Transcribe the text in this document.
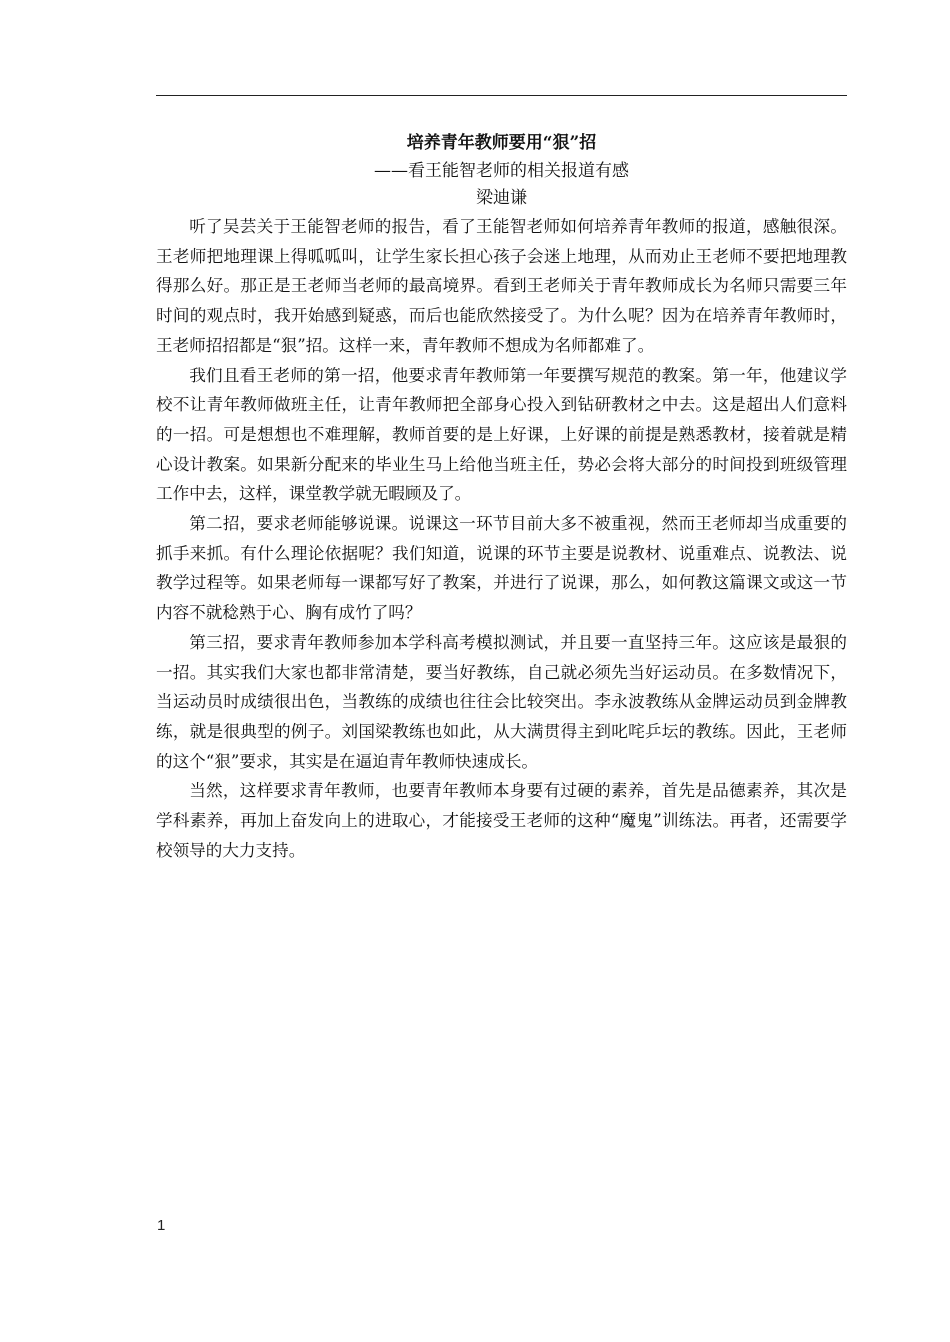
培养青年教师要用“狠”招

——看王能智老师的相关报道有感

梁迪谦

听了吴芸关于王能智老师的报告，看了王能智老师如何培养青年教师的报道，感触很深。王老师把地理课上得呱呱叫，让学生家长担心孩子会迷上地理，从而劝止王老师不要把地理教得那么好。那正是王老师当老师的最高境界。看到王老师关于青年教师成长为名师只需要三年时间的观点时，我开始感到疑惑，而后也能欣然接受了。为什么呢？因为在培养青年教师时，王老师招招都是“狠”招。这样一来，青年教师不想成为名师都难了。

我们且看王老师的第一招，他要求青年教师第一年要撰写规范的教案。第一年，他建议学校不让青年教师做班主任，让青年教师把全部身心投入到钻研教材之中去。这是超出人们意料的一招。可是想想也不难理解，教师首要的是上好课，上好课的前提是熟悉教材，接着就是精心设计教案。如果新分配来的毕业生马上给他当班主任，势必会将大部分的时间投到班级管理工作中去，这样，课堂教学就无暇顾及了。

第二招，要求老师能够说课。说课这一环节目前大多不被重视，然而王老师却当成重要的抓手来抓。有什么理论依据呢？我们知道，说课的环节主要是说教材、说重难点、说教法、说教学过程等。如果老师每一课都写好了教案，并进行了说课，那么，如何教这篇课文或这一节内容不就稔熟于心、胸有成竹了吗？

第三招，要求青年教师参加本学科高考模拟测试，并且要一直坚持三年。这应该是最狠的一招。其实我们大家也都非常清楚，要当好教练，自己就必须先当好运动员。在多数情况下，当运动员时成绩很出色，当教练的成绩也往往会比较突出。李永波教练从金牌运动员到金牌教练，就是很典型的例子。刘国梁教练也如此，从大满贯得主到叱咤乒坛的教练。因此，王老师的这个“狠”要求，其实是在逼迫青年教师快速成长。

当然，这样要求青年教师，也要青年教师本身要有过硬的素养，首先是品德素养，其次是学科素养，再加上奋发向上的进取心，才能接受王老师的这种“魔鬼”训练法。再者，还需要学校领导的大力支持。

1
